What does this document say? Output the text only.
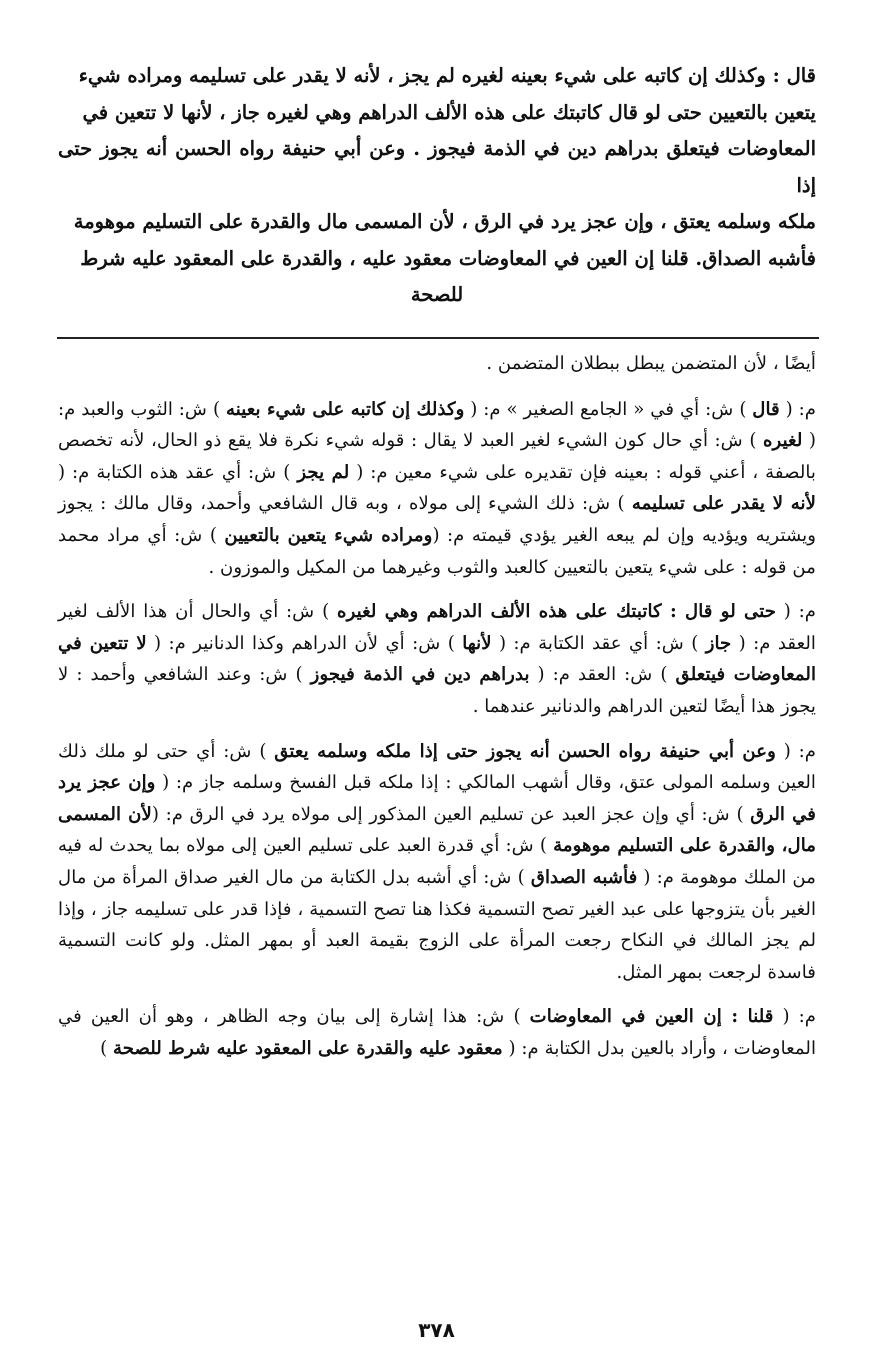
قال : وكذلك إن كاتبه على شيء بعينه لغيره لم يجز ، لأنه لا يقدر على تسليمه ومراده شيء

يتعين بالتعيين حتى لو قال كاتبتك على هذه الألف الدراهم وهي لغيره جاز ، لأنها لا تتعين في

المعاوضات فيتعلق بدراهم دين في الذمة فيجوز . وعن أبي حنيفة رواه الحسن أنه يجوز حتى إذا

ملكه وسلمه يعتق ، وإن عجز يرد في الرق ، لأن المسمى مال والقدرة على التسليم موهومة

فأشبه الصداق. قلنا إن العين في المعاوضات معقود عليه ، والقدرة على المعقود عليه شرط

للصحة

أيضًا ، لأن المتضمن يبطل ببطلان المتضمن .

م: ( قال ) ش: أي في « الجامع الصغير » م: ( وكذلك إن كاتبه على شيء بعينه ) ش: الثوب والعبد م: ( لغيره ) ش: أي حال كون الشيء لغير العبد لا يقال : قوله شيء نكرة فلا يقع ذو الحال، لأنه تخصص بالصفة ، أعني قوله : بعينه فإن تقديره على شيء معين م: ( لم يجز ) ش: أي عقد هذه الكتابة م: ( لأنه لا يقدر على تسليمه ) ش: ذلك الشيء إلى مولاه ، وبه قال الشافعي وأحمد، وقال مالك : يجوز ويشتريه ويؤديه وإن لم يبعه الغير يؤدي قيمته م: (ومراده شيء يتعين بالتعيين ) ش: أي مراد محمد من قوله : على شيء يتعين بالتعيين كالعبد والثوب وغيرهما من المكيل والموزون .

م: ( حتى لو قال : كاتبتك على هذه الألف الدراهم وهي لغيره ) ش: أي والحال أن هذا الألف لغير العقد م: ( جاز ) ش: أي عقد الكتابة م: ( لأنها ) ش: أي لأن الدراهم وكذا الدنانير م: ( لا تتعين في المعاوضات فيتعلق ) ش: العقد م: ( بدراهم دين في الذمة فيجوز ) ش: وعند الشافعي وأحمد : لا يجوز هذا أيضًا لتعين الدراهم والدنانير عندهما .

م: ( وعن أبي حنيفة رواه الحسن أنه يجوز حتى إذا ملكه وسلمه يعتق ) ش: أي حتى لو ملك ذلك العين وسلمه المولى عتق، وقال أشهب المالكي : إذا ملكه قبل الفسخ وسلمه جاز م: ( وإن عجز يرد في الرق ) ش: أي وإن عجز العبد عن تسليم العين المذكور إلى مولاه يرد في الرق م: (لأن المسمى مال، والقدرة على التسليم موهومة ) ش: أي قدرة العبد على تسليم العين إلى مولاه بما يحدث له فيه من الملك موهومة م: ( فأشبه الصداق ) ش: أي أشبه بدل الكتابة من مال الغير صداق المرأة من مال الغير بأن يتزوجها على عبد الغير تصح التسمية فكذا هنا تصح التسمية ، فإذا قدر على تسليمه جاز ، وإذا لم يجز المالك في النكاح رجعت المرأة على الزوج بقيمة العبد أو بمهر المثل. ولو كانت التسمية فاسدة لرجعت بمهر المثل.

م: ( قلنا : إن العين في المعاوضات ) ش: هذا إشارة إلى بيان وجه الظاهر ، وهو أن العين في المعاوضات ، وأراد بالعين بدل الكتابة م: ( معقود عليه والقدرة على المعقود عليه شرط للصحة )

٣٧٨
